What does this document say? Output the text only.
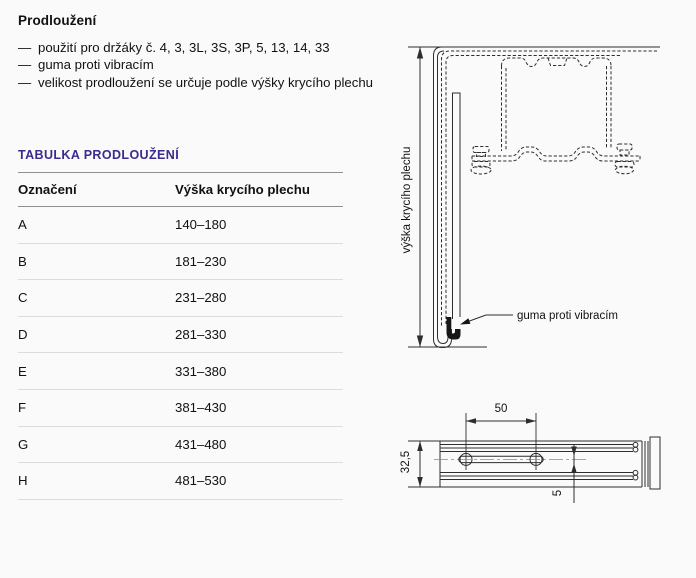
Prodloužení
— použití pro držáky č. 4, 3, 3L, 3S, 3P, 5, 13, 14, 33
— guma proti vibracím
— velikost prodloužení se určuje podle výšky krycího plechu
TABULKA PRODLOUŽENÍ
Označení	Výška krycího plechu
A	140–180
B	181–230
C	231–280
D	281–330
E	331–380
F	381–430
G	431–480
H	481–530
výška krycího plechu
guma proti vibracím
50
32,5
5
